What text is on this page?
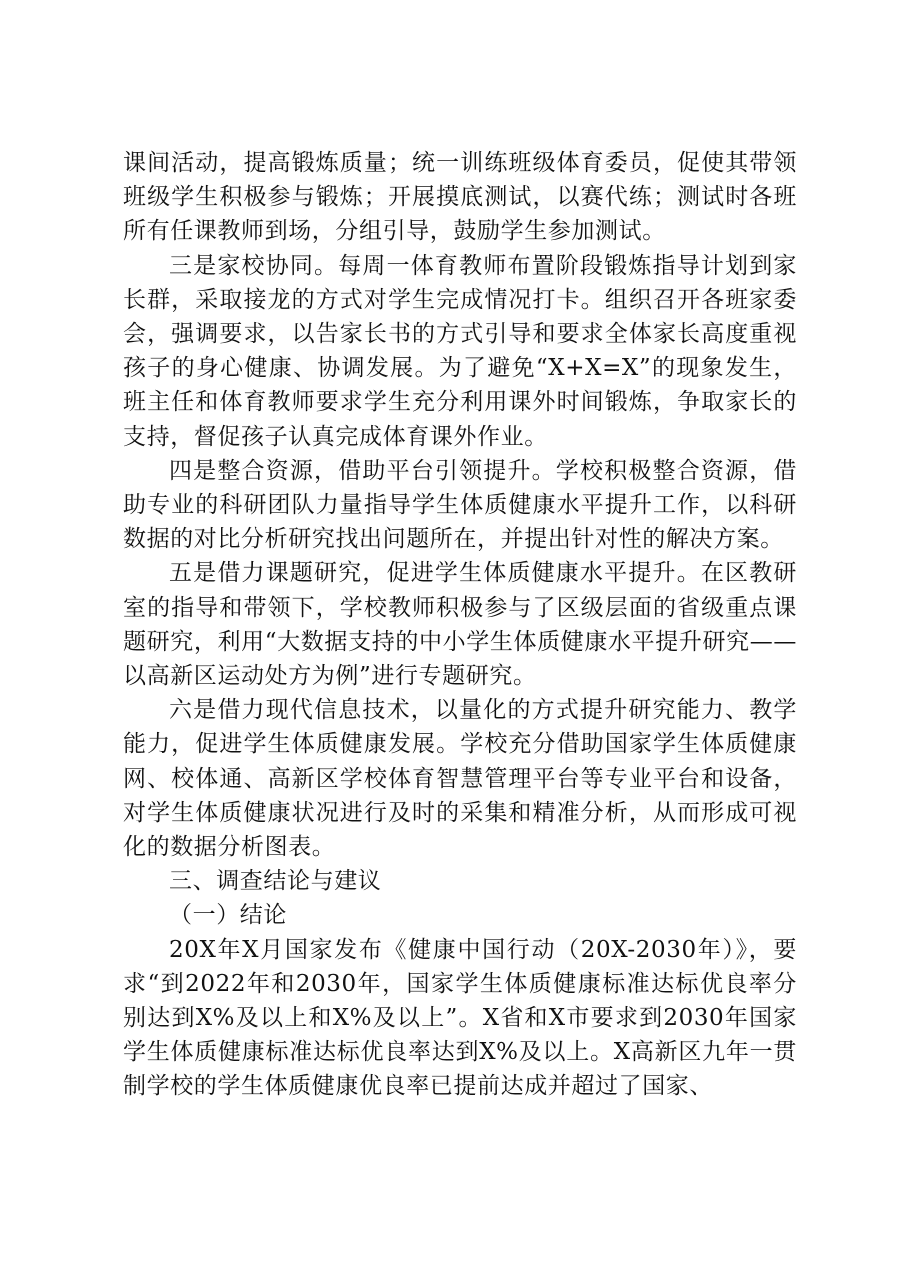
课间活动，提高锻炼质量；统一训练班级体育委员，促使其带领班级学生积极参与锻炼；开展摸底测试，以赛代练；测试时各班所有任课教师到场，分组引导，鼓励学生参加测试。

三是家校协同。每周一体育教师布置阶段锻炼指导计划到家长群，采取接龙的方式对学生完成情况打卡。组织召开各班家委会，强调要求，以告家长书的方式引导和要求全体家长高度重视孩子的身心健康、协调发展。为了避免“X+X=X”的现象发生，班主任和体育教师要求学生充分利用课外时间锻炼，争取家长的支持，督促孩子认真完成体育课外作业。

四是整合资源，借助平台引领提升。学校积极整合资源，借助专业的科研团队力量指导学生体质健康水平提升工作，以科研数据的对比分析研究找出问题所在，并提出针对性的解决方案。

五是借力课题研究，促进学生体质健康水平提升。在区教研室的指导和带领下，学校教师积极参与了区级层面的省级重点课题研究，利用“大数据支持的中小学生体质健康水平提升研究——以高新区运动处方为例”进行专题研究。

六是借力现代信息技术，以量化的方式提升研究能力、教学能力，促进学生体质健康发展。学校充分借助国家学生体质健康网、校体通、高新区学校体育智慧管理平台等专业平台和设备，对学生体质健康状况进行及时的采集和精准分析，从而形成可视化的数据分析图表。

三、调查结论与建议

（一）结论

20X年X月国家发布《健康中国行动（20X-2030年）》，要求“到2022年和2030年，国家学生体质健康标准达标优良率分别达到X%及以上和X%及以上”。X省和X市要求到2030年国家学生体质健康标准达标优良率达到X%及以上。X高新区九年一贯制学校的学生体质健康优良率已提前达成并超过了国家、
